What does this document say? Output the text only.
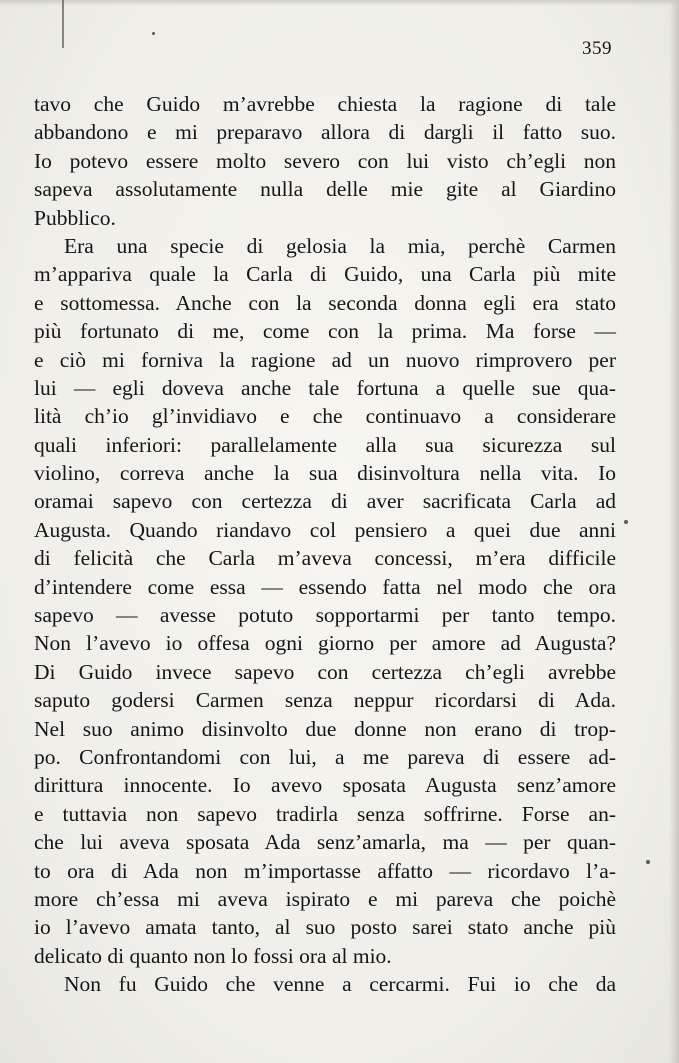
359
tavo che Guido m’avrebbe chiesta la ragione di tale
abbandono e mi preparavo allora di dargli il fatto suo.
Io potevo essere molto severo con lui visto ch’egli non
sapeva assolutamente nulla delle mie gite al Giardino
Pubblico.
Era una specie di gelosia la mia, perchè Carmen
m’appariva quale la Carla di Guido, una Carla più mite
e sottomessa. Anche con la seconda donna egli era stato
più fortunato di me, come con la prima. Ma forse —
e ciò mi forniva la ragione ad un nuovo rimprovero per
lui — egli doveva anche tale fortuna a quelle sue qua-
lità ch’io gl’invidiavo e che continuavo a considerare
quali inferiori: parallelamente alla sua sicurezza sul
violino, correva anche la sua disinvoltura nella vita. Io
oramai sapevo con certezza di aver sacrificata Carla ad
Augusta. Quando riandavo col pensiero a quei due anni
di felicità che Carla m’aveva concessi, m’era difficile
d’intendere come essa — essendo fatta nel modo che ora
sapevo — avesse potuto sopportarmi per tanto tempo.
Non l’avevo io offesa ogni giorno per amore ad Augusta?
Di Guido invece sapevo con certezza ch’egli avrebbe
saputo godersi Carmen senza neppur ricordarsi di Ada.
Nel suo animo disinvolto due donne non erano di trop-
po. Confrontandomi con lui, a me pareva di essere ad-
dirittura innocente. Io avevo sposata Augusta senz’amore
e tuttavia non sapevo tradirla senza soffrirne. Forse an-
che lui aveva sposata Ada senz’amarla, ma — per quan-
to ora di Ada non m’importasse affatto — ricordavo l’a-
more ch’essa mi aveva ispirato e mi pareva che poichè
io l’avevo amata tanto, al suo posto sarei stato anche più
delicato di quanto non lo fossi ora al mio.
Non fu Guido che venne a cercarmi. Fui io che da
